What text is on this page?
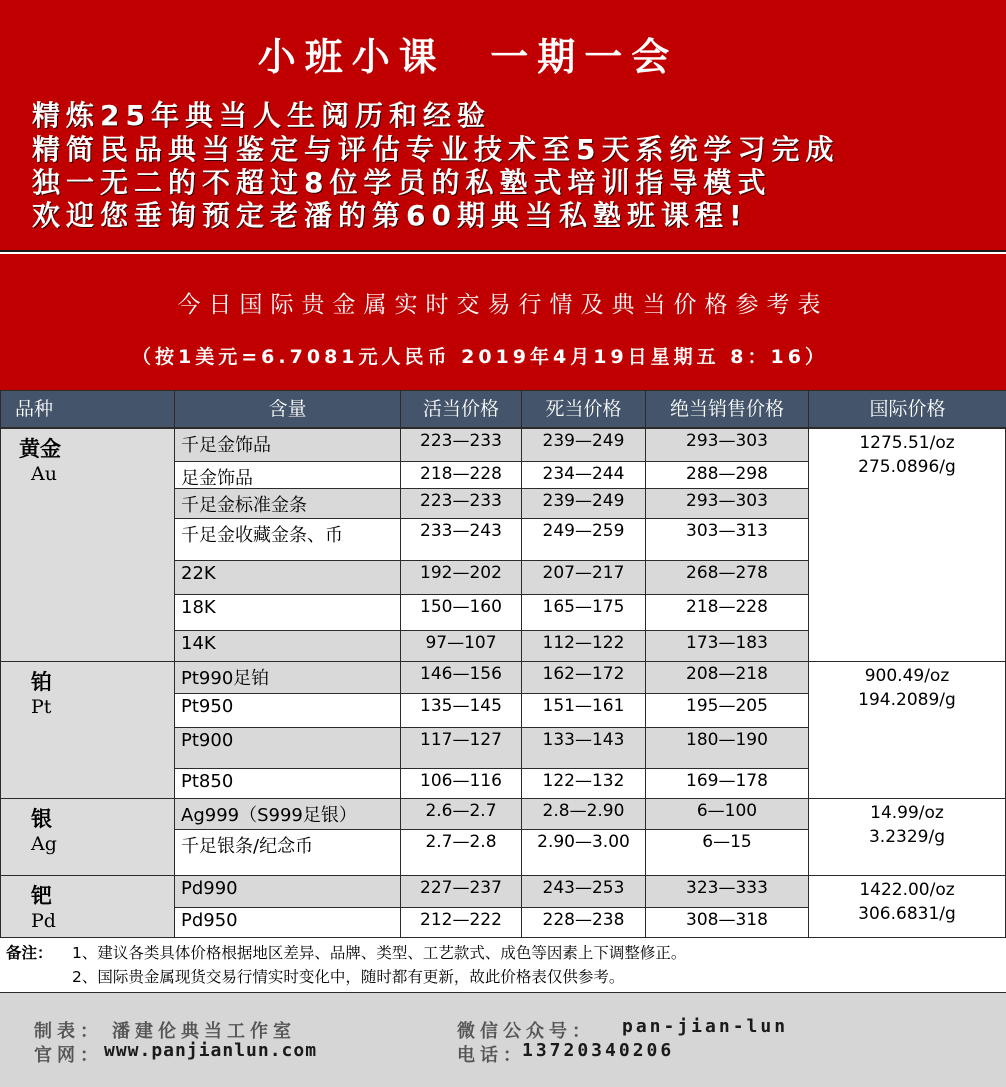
小班小课  一期一会
精炼25年典当人生阅历和经验
精简民品典当鉴定与评估专业技术至5天系统学习完成
独一无二的不超过8位学员的私塾式培训指导模式
欢迎您垂询预定老潘的第60期典当私塾班课程!
今日国际贵金属实时交易行情及典当价格参考表
（按1美元=6.7081元人民币 2019年4月19日星期五 8：16）
品种	含量	活当价格	死当价格	绝当销售价格	国际价格
黄金
Au
1275.51/oz
275.0896/g
千足金饰品	223—233	239—249	293—303
足金饰品	218—228	234—244	288—298
千足金标准金条	223—233	239—249	293—303
千足金收藏金条、币	233—243	249—259	303—313
22K	192—202	207—217	268—278
18K	150—160	165—175	218—228
14K	97—107	112—122	173—183
铂
Pt
900.49/oz
194.2089/g
Pt990足铂	146—156	162—172	208—218
Pt950	135—145	151—161	195—205
Pt900	117—127	133—143	180—190
Pt850	106—116	122—132	169—178
银
Ag
14.99/oz
3.2329/g
Ag999（S999足银）	2.6—2.7	2.8—2.90	6—100
千足银条/纪念币	2.7—2.8	2.90—3.00	6—15
钯
Pd
1422.00/oz
306.6831/g
Pd990	227—237	243—253	323—333
Pd950	212—222	228—238	308—318
备注： 1、建议各类具体价格根据地区差异、品牌、类型、工艺款式、成色等因素上下调整修正。
2、国际贵金属现货交易行情实时变化中，随时都有更新，故此价格表仅供参考。
制表： 潘建伦典当工作室
官网： www.panjianlun.com
微信公众号： pan-jian-lun
电话：
13720340206
